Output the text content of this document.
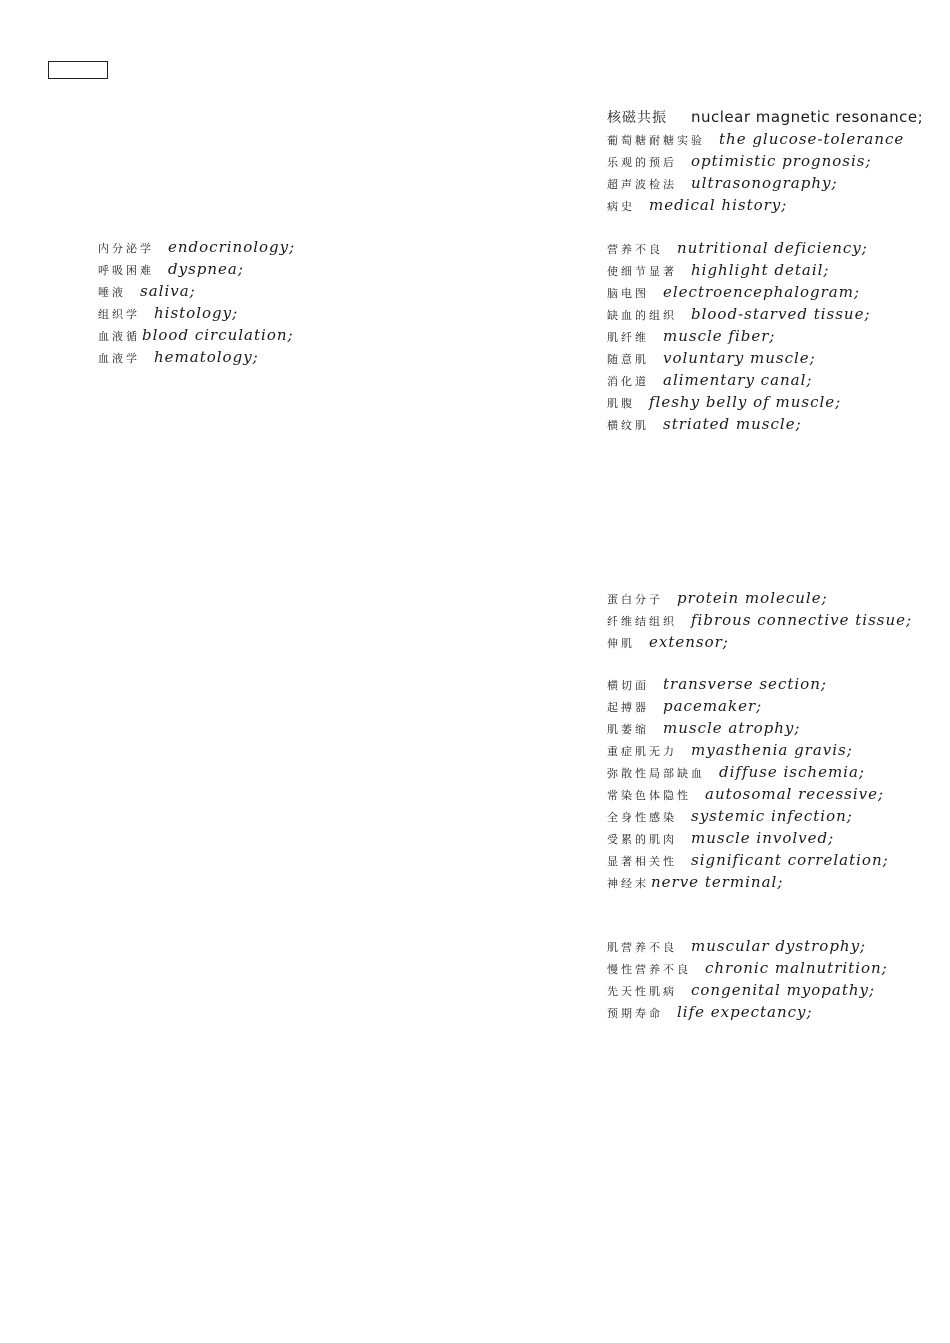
内分泌学 endocrinology;
呼吸困难 dyspnea;
唾液 saliva;
组织学 histology;
血液循 blood circulation;
血液学 hematology;
核磁共振 nuclear magnetic resonance;
葡萄糖耐糖实验 the glucose-tolerance
乐观的预后 optimistic prognosis;
超声波检法 ultrasonography;
病史 medical history;
营养不良 nutritional deficiency;
使细节显著 highlight detail;
脑电图 electroencephalogram;
缺血的组织 blood-starved tissue;
肌纤维 muscle fiber;
随意肌 voluntary muscle;
消化道 alimentary canal;
肌腹 fleshy belly of muscle;
横纹肌 striated muscle;
蛋白分子 protein molecule;
纤维结组织 fibrous connective tissue;
伸肌 extensor;
横切面 transverse section;
起搏器 pacemaker;
肌萎缩 muscle atrophy;
重症肌无力 myasthenia gravis;
弥散性局部缺血 diffuse ischemia;
常染色体隐性 autosomal recessive;
全身性感染 systemic infection;
受累的肌肉 muscle involved;
显著相关性 significant correlation;
神经末 nerve terminal;
肌营养不良 muscular dystrophy;
慢性营养不良 chronic malnutrition;
先天性肌病 congenital myopathy;
预期寿命 life expectancy;
